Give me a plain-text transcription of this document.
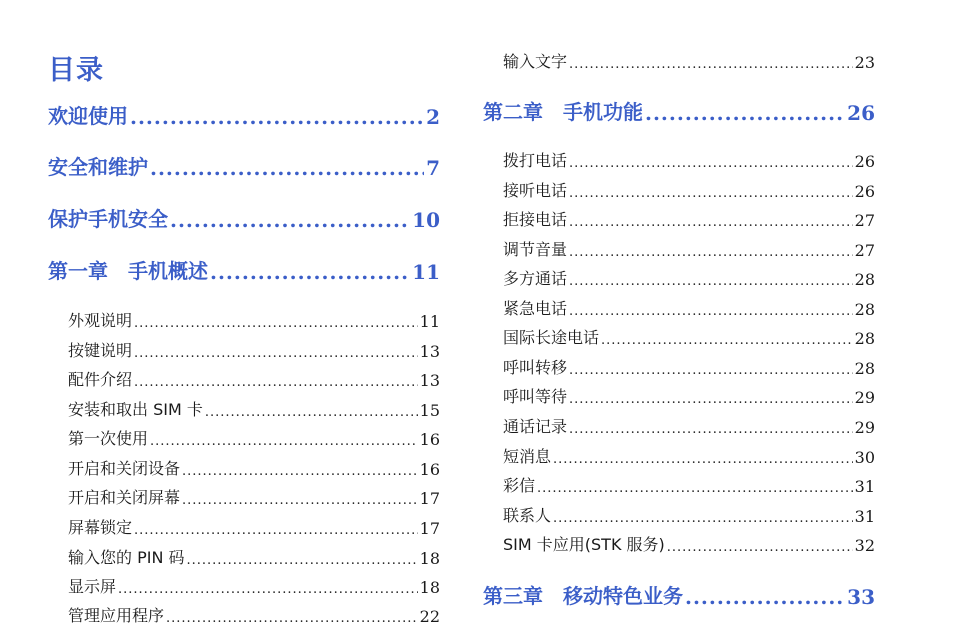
目录
欢迎使用 .....	2
安全和维护 .....	7
保护手机安全 .....	10
第一章　手机概述 .....	11
外观说明 .....	11
按键说明 .....	13
配件介绍 .....	13
安装和取出 SIM 卡 .....	15
第一次使用 .....	16
开启和关闭设备 .....	16
开启和关闭屏幕 .....	17
屏幕锁定 .....	17
输入您的 PIN 码 .....	18
显示屏 .....	18
管理应用程序 .....	22
输入文字 .....	23
第二章　手机功能 .....	26
拨打电话 .....	26
接听电话 .....	26
拒接电话 .....	27
调节音量 .....	27
多方通话 .....	28
紧急电话 .....	28
国际长途电话 .....	28
呼叫转移 .....	28
呼叫等待 .....	29
通话记录 .....	29
短消息 .....	30
彩信 .....	31
联系人 .....	31
SIM 卡应用(STK 服务) .....	32
第三章　移动特色业务 .....	33
